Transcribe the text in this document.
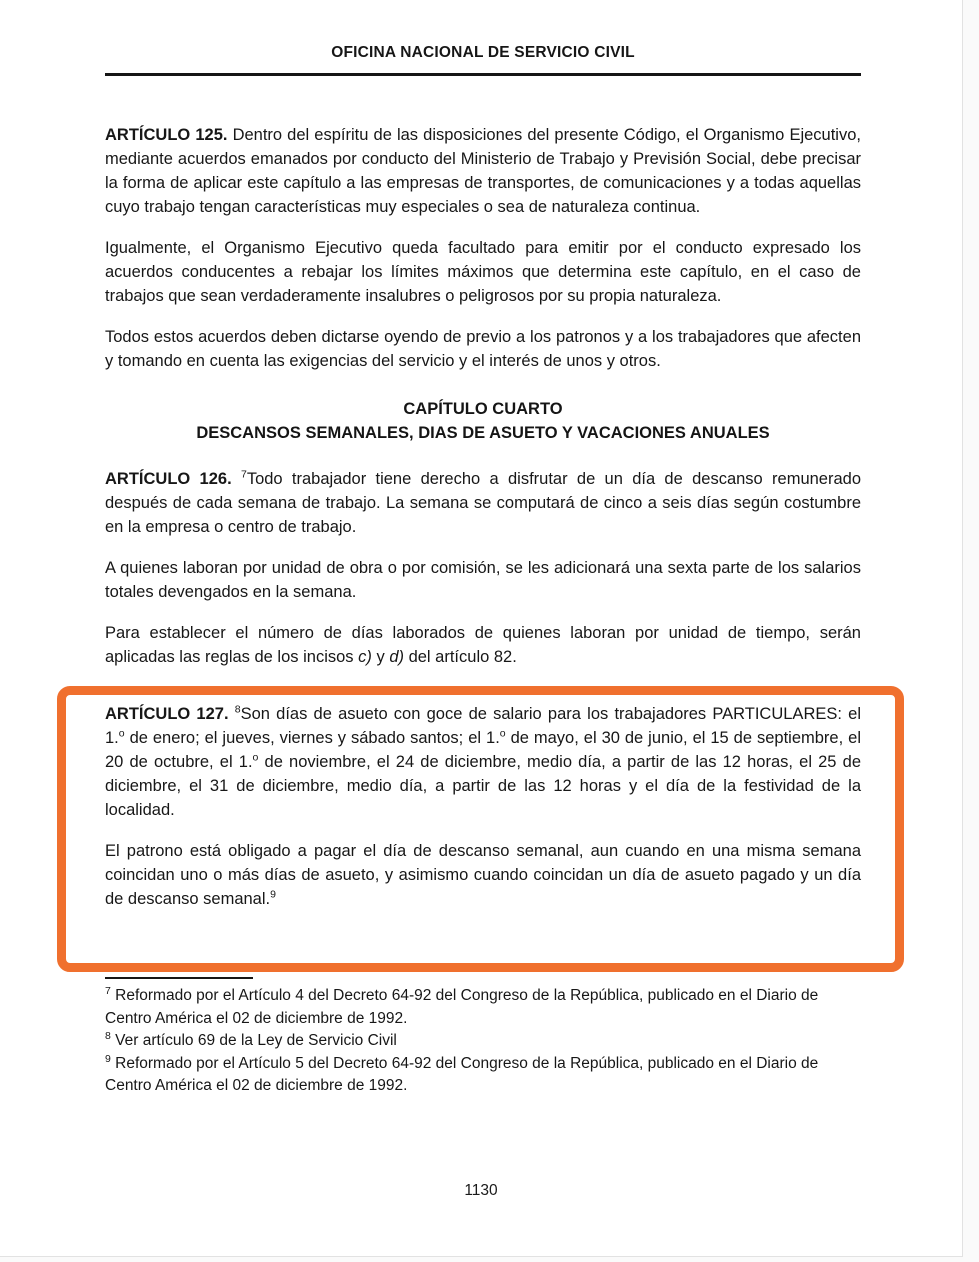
OFICINA NACIONAL DE SERVICIO CIVIL

ARTÍCULO 125. Dentro del espíritu de las disposiciones del presente Código, el Organismo Ejecutivo, mediante acuerdos emanados por conducto del Ministerio de Trabajo y Previsión Social, debe precisar la forma de aplicar este capítulo a las empresas de transportes, de comunicaciones y a todas aquellas cuyo trabajo tengan características muy especiales o sea de naturaleza continua.

Igualmente, el Organismo Ejecutivo queda facultado para emitir por el conducto expresado los acuerdos conducentes a rebajar los límites máximos que determina este capítulo, en el caso de trabajos que sean verdaderamente insalubres o peligrosos por su propia naturaleza.

Todos estos acuerdos deben dictarse oyendo de previo a los patronos y a los trabajadores que afecten y tomando en cuenta las exigencias del servicio y el interés de unos y otros.

CAPÍTULO CUARTO
DESCANSOS SEMANALES, DIAS DE ASUETO Y VACACIONES ANUALES

ARTÍCULO 126. $^7$Todo trabajador tiene derecho a disfrutar de un día de descanso remunerado después de cada semana de trabajo. La semana se computará de cinco a seis días según costumbre en la empresa o centro de trabajo.

A quienes laboran por unidad de obra o por comisión, se les adicionará una sexta parte de los salarios totales devengados en la semana.

Para establecer el número de días laborados de quienes laboran por unidad de tiempo, serán aplicadas las reglas de los incisos c) y d) del artículo 82.

ARTÍCULO 127. $^8$Son días de asueto con goce de salario para los trabajadores PARTICULARES: el 1.$^o$ de enero; el jueves, viernes y sábado santos; el 1.$^o$ de mayo, el 30 de junio, el 15 de septiembre, el 20 de octubre, el 1.$^o$ de noviembre, el 24 de diciembre, medio día, a partir de las 12 horas, el 25 de diciembre, el 31 de diciembre, medio día, a partir de las 12 horas y el día de la festividad de la localidad.

El patrono está obligado a pagar el día de descanso semanal, aun cuando en una misma semana coincidan uno o más días de asueto, y asimismo cuando coincidan un día de asueto pagado y un día de descanso semanal.$^9$

$^7$ Reformado por el Artículo 4 del Decreto 64-92 del Congreso de la República, publicado en el Diario de Centro América el 02 de diciembre de 1992.

$^8$ Ver artículo 69 de la Ley de Servicio Civil

$^9$ Reformado por el Artículo 5 del Decreto 64-92 del Congreso de la República, publicado en el Diario de Centro América el 02 de diciembre de 1992.

1130
